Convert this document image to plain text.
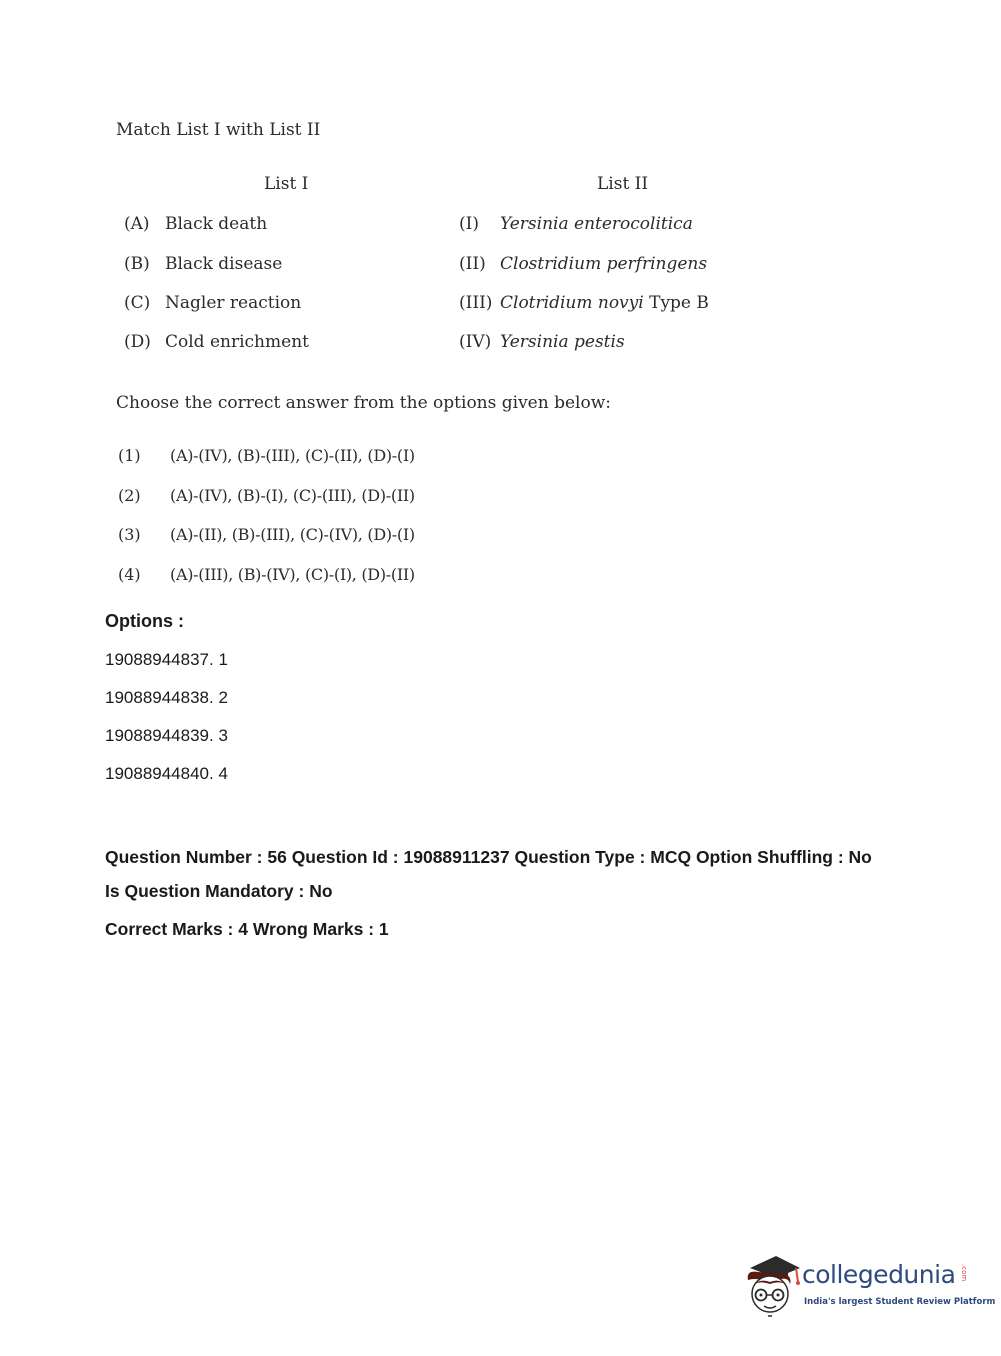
Match List I with List II
List I	List II
(A) Black death	(I) Yersinia enterocolitica
(B) Black disease	(II) Clostridium perfringens
(C) Nagler reaction	(III) Clotridium novyi Type B
(D) Cold enrichment	(IV) Yersinia pestis
Choose the correct answer from the options given below:
(1) (A)-(IV), (B)-(III), (C)-(II), (D)-(I)
(2) (A)-(IV), (B)-(I), (C)-(III), (D)-(II)
(3) (A)-(II), (B)-(III), (C)-(IV), (D)-(I)
(4) (A)-(III), (B)-(IV), (C)-(I), (D)-(II)
Options :
19088944837. 1
19088944838. 2
19088944839. 3
19088944840. 4
Question Number : 56 Question Id : 19088911237 Question Type : MCQ Option Shuffling : No
Is Question Mandatory : No
Correct Marks : 4 Wrong Marks : 1
collegedunia .com
India's largest Student Review Platform
